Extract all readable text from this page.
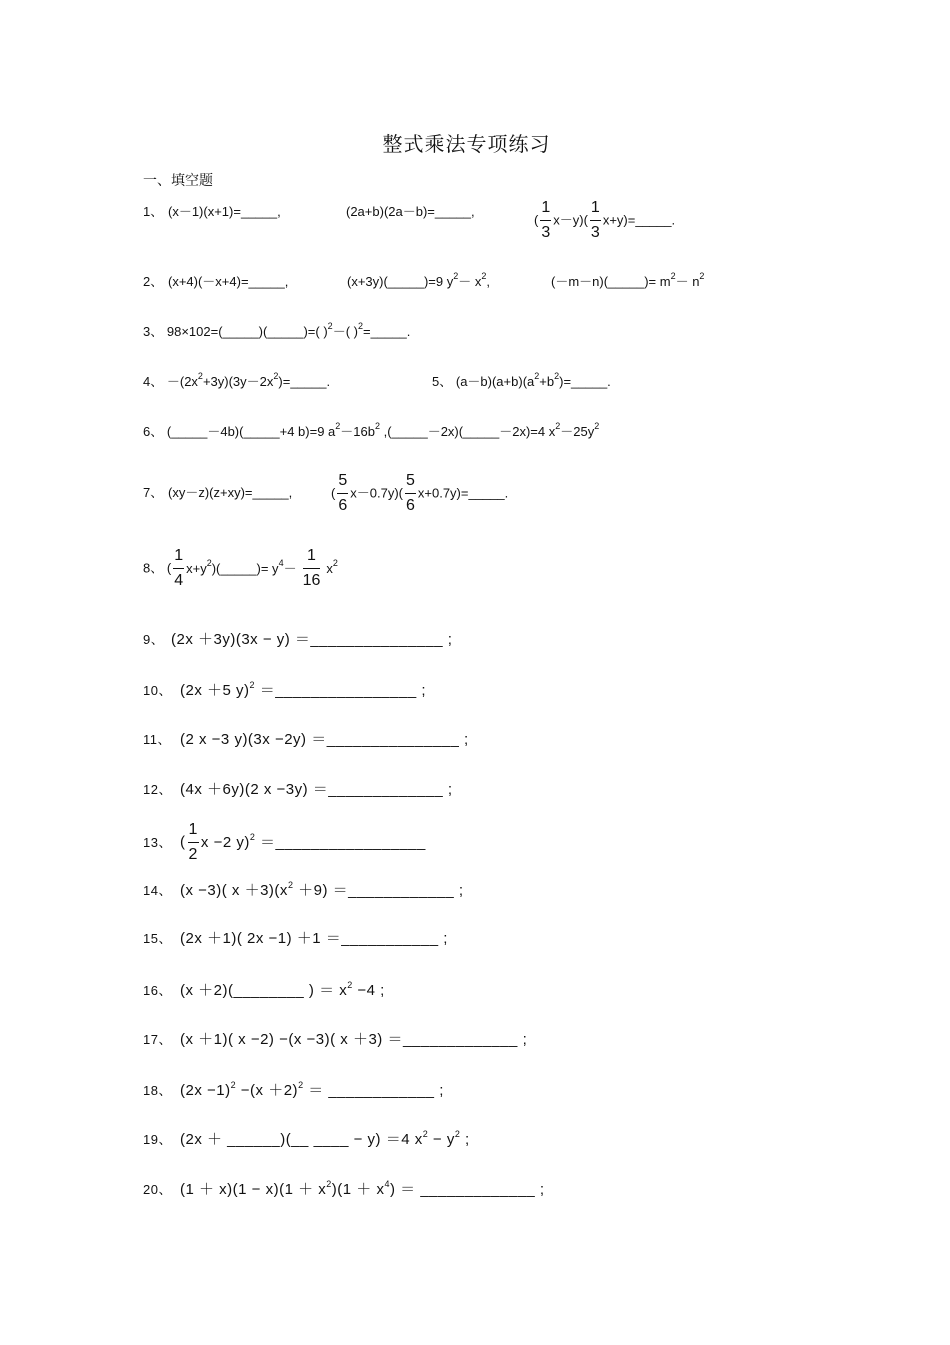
整式乘法专项练习
一、填空题
1、 (x－1)(x+1)=_____,	(2a+b)(2a－b)=_____,
( $\frac{1}{3} x-y)( \frac{1}{3}$ x+y)=_____.
2、 (x+4)(－x+4)=_____,	(x+3y)(_____)=9 $y^2- x^2$,	(－m－n)(_____)= $m^2- n^2$
3、 98×102=(_____)(_____)=( )$^2$－( )$^2$=_____.
4、 $-(2x^2+3y)(3y-2x^2)=\_\_\_\_\_$.	5、 $(a-b)(a+b)(a^2+b^2)=\_\_\_\_\_$.
6、 (_____－4b)(_____+4 b)=9 $a^2-16b^2$ ,(_____－2x)(_____－2x)=4 $x^2-25y^2$
7、 (xy－z)(z+xy)=_____,	( $\frac{5}{6} x-0.7y)( \frac{5}{6}$ x+0.7y)=_____.
8、 ( $\frac{1}{4}$ $x+y^2)(\_\_\_\_\_)= y^4- \frac{1}{16} x^2$
9、 (2x ＋3y)(3x − y) ＝_______________ ;
10、 (2x ＋5 y)$^2$ ＝________________ ;
11、 (2 x −3 y)(3x −2y) ＝_______________ ;
12、 (4x ＋6y)(2 x −3y) ＝_____________ ;
13、 ( $\frac{1}{2}$ x −2 y)$^2$ ＝_________________
14、 (x −3)( $x +3)(x^2 +9)$ ＝____________ ;
15、 (2x ＋1)( 2x −1) ＋1 ＝___________ ;
16、 (x ＋2)(________ ) ＝ $x^2 -4$ ;
17、 (x ＋1)( x −2) −(x −3)( x ＋3) ＝_____________ ;
18、 $(2x -1)^2 -(x +2)^2$ ＝ ____________ ;
19、 (2x ＋ ______)(__ ____ − y) ＝4 $x^2 - y^2$ ;
20、 $(1 + x)(1 - x)(1 + x^2)(1 + x^4)$ ＝ _____________ ;
